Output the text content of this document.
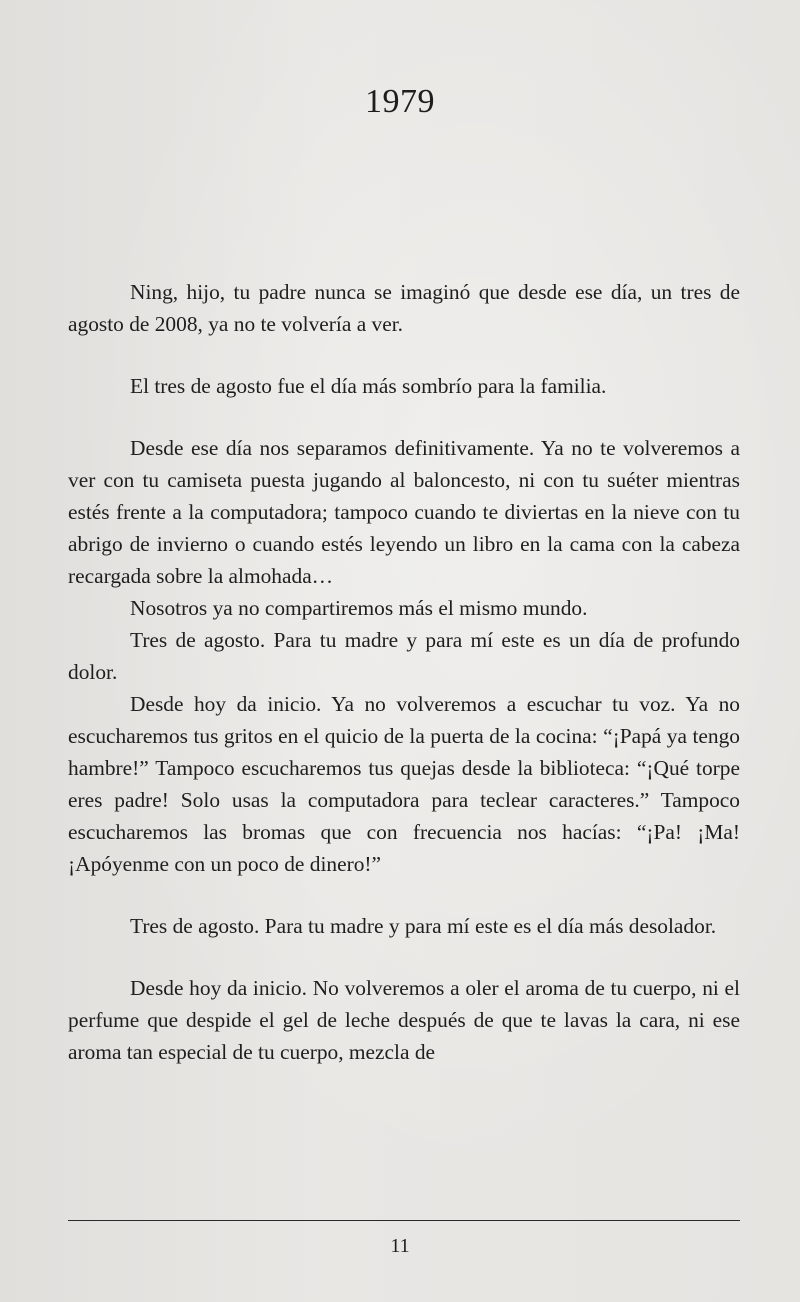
1979

Ning, hijo, tu padre nunca se imaginó que desde ese día, un tres de agosto de 2008, ya no te volvería a ver.

El tres de agosto fue el día más sombrío para la familia.

Desde ese día nos separamos definitivamente. Ya no te volveremos a ver con tu camiseta puesta jugando al baloncesto, ni con tu suéter mientras estés frente a la computadora; tampoco cuando te diviertas en la nieve con tu abrigo de invierno o cuando estés leyendo un libro en la cama con la cabeza recargada sobre la almohada…

Nosotros ya no compartiremos más el mismo mundo.

Tres de agosto. Para tu madre y para mí este es un día de profundo dolor.

Desde hoy da inicio. Ya no volveremos a escuchar tu voz. Ya no escucharemos tus gritos en el quicio de la puerta de la cocina: “¡Papá ya tengo hambre!” Tampoco escucharemos tus quejas desde la biblioteca: “¡Qué torpe eres padre! Solo usas la computadora para teclear caracteres.” Tampoco escucharemos las bromas que con frecuencia nos hacías: “¡Pa! ¡Ma! ¡Apóyenme con un poco de dinero!”

Tres de agosto. Para tu madre y para mí este es el día más desolador.

Desde hoy da inicio. No volveremos a oler el aroma de tu cuerpo, ni el perfume que despide el gel de leche después de que te lavas la cara, ni ese aroma tan especial de tu cuerpo, mezcla de

11
